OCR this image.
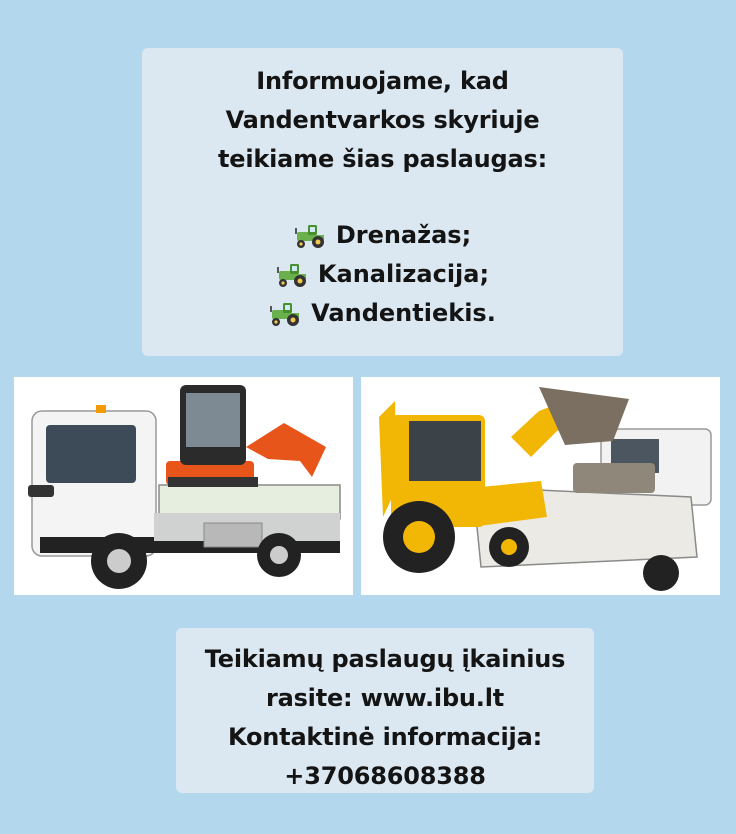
Informuojame, kad
Vandentvarkos skyriuje
teikiame šias paslaugas:
Drenažas;
Kanalizacija;
Vandentiekis.
Teikiamų paslaugų įkainius
rasite: www.ibu.lt
Kontaktinė informacija:
+37068608388
